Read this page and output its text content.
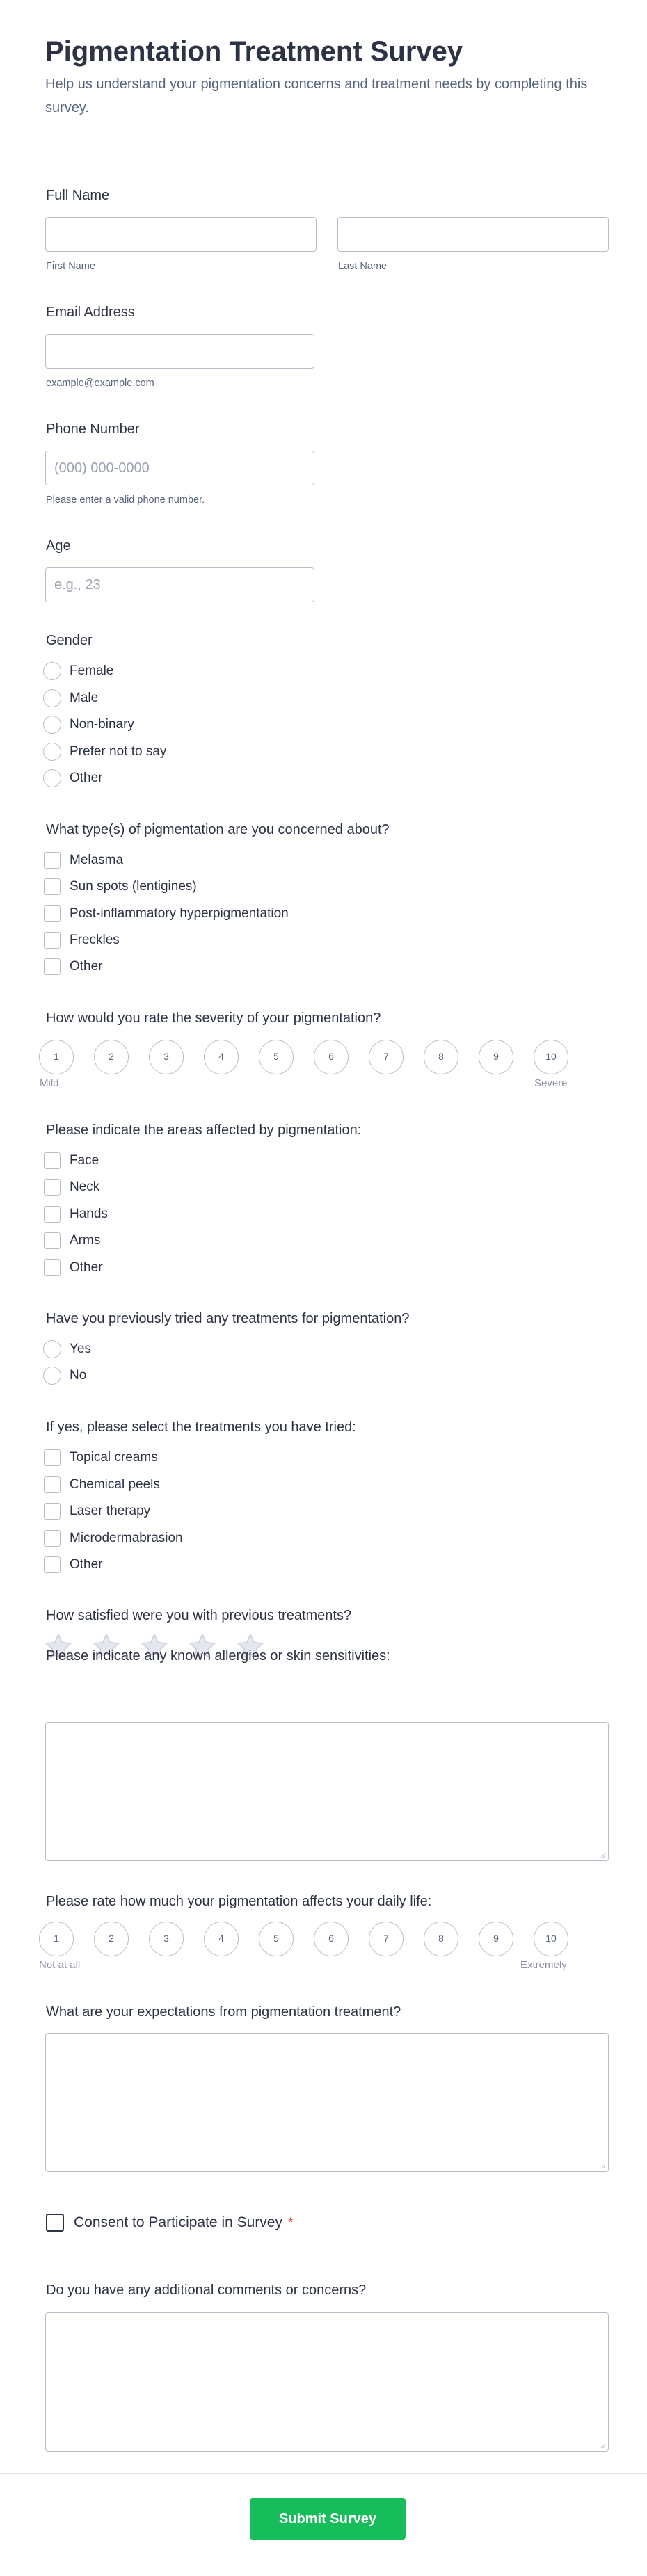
Pigmentation Treatment Survey
Help us understand your pigmentation concerns and treatment needs by completing this survey.
Full Name
First Name	Last Name
Email Address
example@example.com
Phone Number
(000) 000-0000
Please enter a valid phone number.
Age
e.g., 23
Gender
Female
Male
Non-binary
Prefer not to say
Other
What type(s) of pigmentation are you concerned about?
Melasma
Sun spots (lentigines)
Post-inflammatory hyperpigmentation
Freckles
Other
How would you rate the severity of your pigmentation?
1	2	3	4	5	6	7	8	9	10
Mild	Severe
Please indicate the areas affected by pigmentation:
Face
Neck
Hands
Arms
Other
Have you previously tried any treatments for pigmentation?
Yes
No
If yes, please select the treatments you have tried:
Topical creams
Chemical peels
Laser therapy
Microdermabrasion
Other
How satisfied were you with previous treatments?
Please indicate any known allergies or skin sensitivities:
Please rate how much your pigmentation affects your daily life:
1	2	3	4	5	6	7	8	9	10
Not at all	Extremely
What are your expectations from pigmentation treatment?
Consent to Participate in Survey *
Do you have any additional comments or concerns?
Submit Survey
